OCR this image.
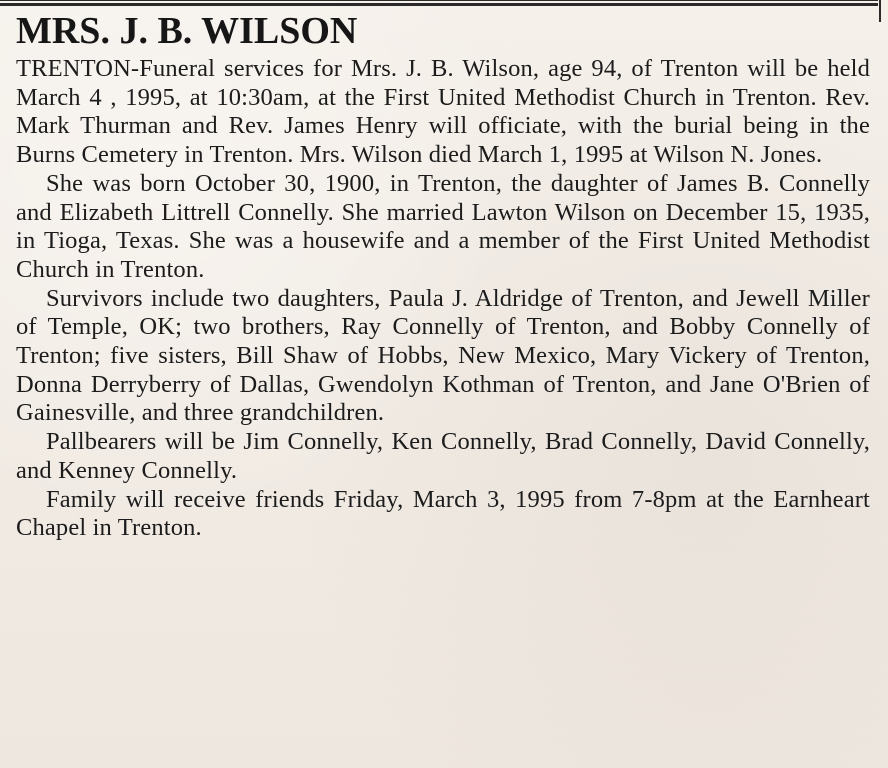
MRS. J. B. WILSON

TRENTON-Funeral services for Mrs. J. B. Wilson, age 94, of Trenton will be held March 4 , 1995, at 10:30am, at the First United Methodist Church in Trenton. Rev. Mark Thurman and Rev. James Henry will officiate, with the burial being in the Burns Cemetery in Trenton. Mrs. Wilson died March 1, 1995 at Wilson N. Jones.

She was born October 30, 1900, in Trenton, the daughter of James B. Connelly and Elizabeth Littrell Connelly. She married Lawton Wilson on December 15, 1935, in Tioga, Texas. She was a housewife and a member of the First United Methodist Church in Trenton.

Survivors include two daughters, Paula J. Aldridge of Trenton, and Jewell Miller of Temple, OK; two brothers, Ray Connelly of Trenton, and Bobby Connelly of Trenton; five sisters, Bill Shaw of Hobbs, New Mexico, Mary Vickery of Trenton, Donna Derryberry of Dallas, Gwendolyn Kothman of Trenton, and Jane O'Brien of Gainesville, and three grandchildren.

Pallbearers will be Jim Connelly, Ken Connelly, Brad Connelly, David Connelly, and Kenney Connelly.

Family will receive friends Friday, March 3, 1995 from 7-8pm at the Earnheart Chapel in Trenton.
